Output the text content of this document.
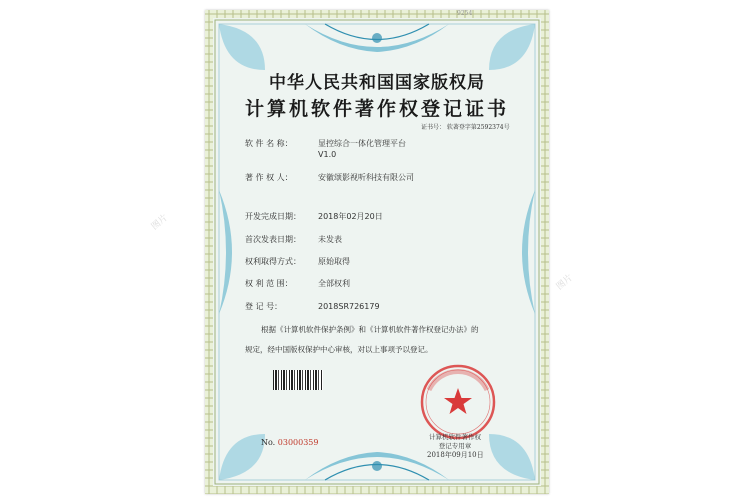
9254
中华人民共和国国家版权局
计算机软件著作权登记证书
证书号： 软著登字第2592374号
软 件 名 称：	显控综合一体化管理平台
V1.0
著 作 权 人：	安徽颂影视听科技有限公司
开发完成日期： 2018年02月20日
首次发表日期： 未发表
权利取得方式： 原始取得
权 利 范 围：	全部权利
登 记 号：	2018SR726179

根据《计算机软件保护条例》和《计算机软件著作权登记办法》的

规定，经中国版权保护中心审核，对以上事项予以登记。

计算机软件著作权
登记专用章
2018年09月10日
No. 03000359
图片
图片
